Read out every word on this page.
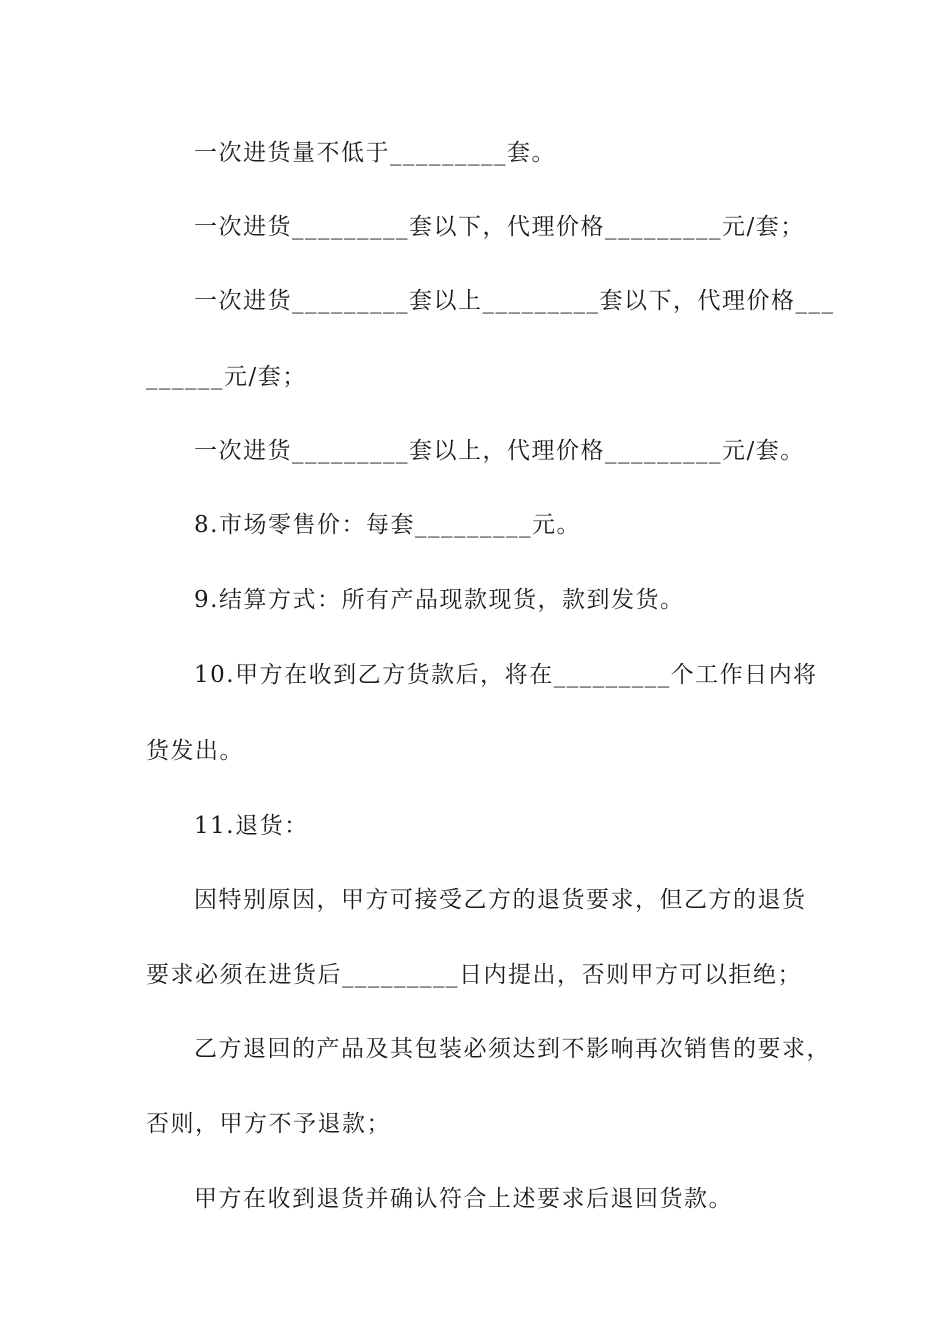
一次进货量不低于_________套。
一次进货_________套以下，代理价格_________元/套；
一次进货_________套以上_________套以下，代理价格___
______元/套；
一次进货_________套以上，代理价格_________元/套。
8.市场零售价：每套_________元。
9.结算方式：所有产品现款现货，款到发货。
10.甲方在收到乙方货款后，将在_________个工作日内将
货发出。
11.退货：
因特别原因，甲方可接受乙方的退货要求，但乙方的退货
要求必须在进货后_________日内提出，否则甲方可以拒绝；
乙方退回的产品及其包装必须达到不影响再次销售的要求，
否则，甲方不予退款；
甲方在收到退货并确认符合上述要求后退回货款。
